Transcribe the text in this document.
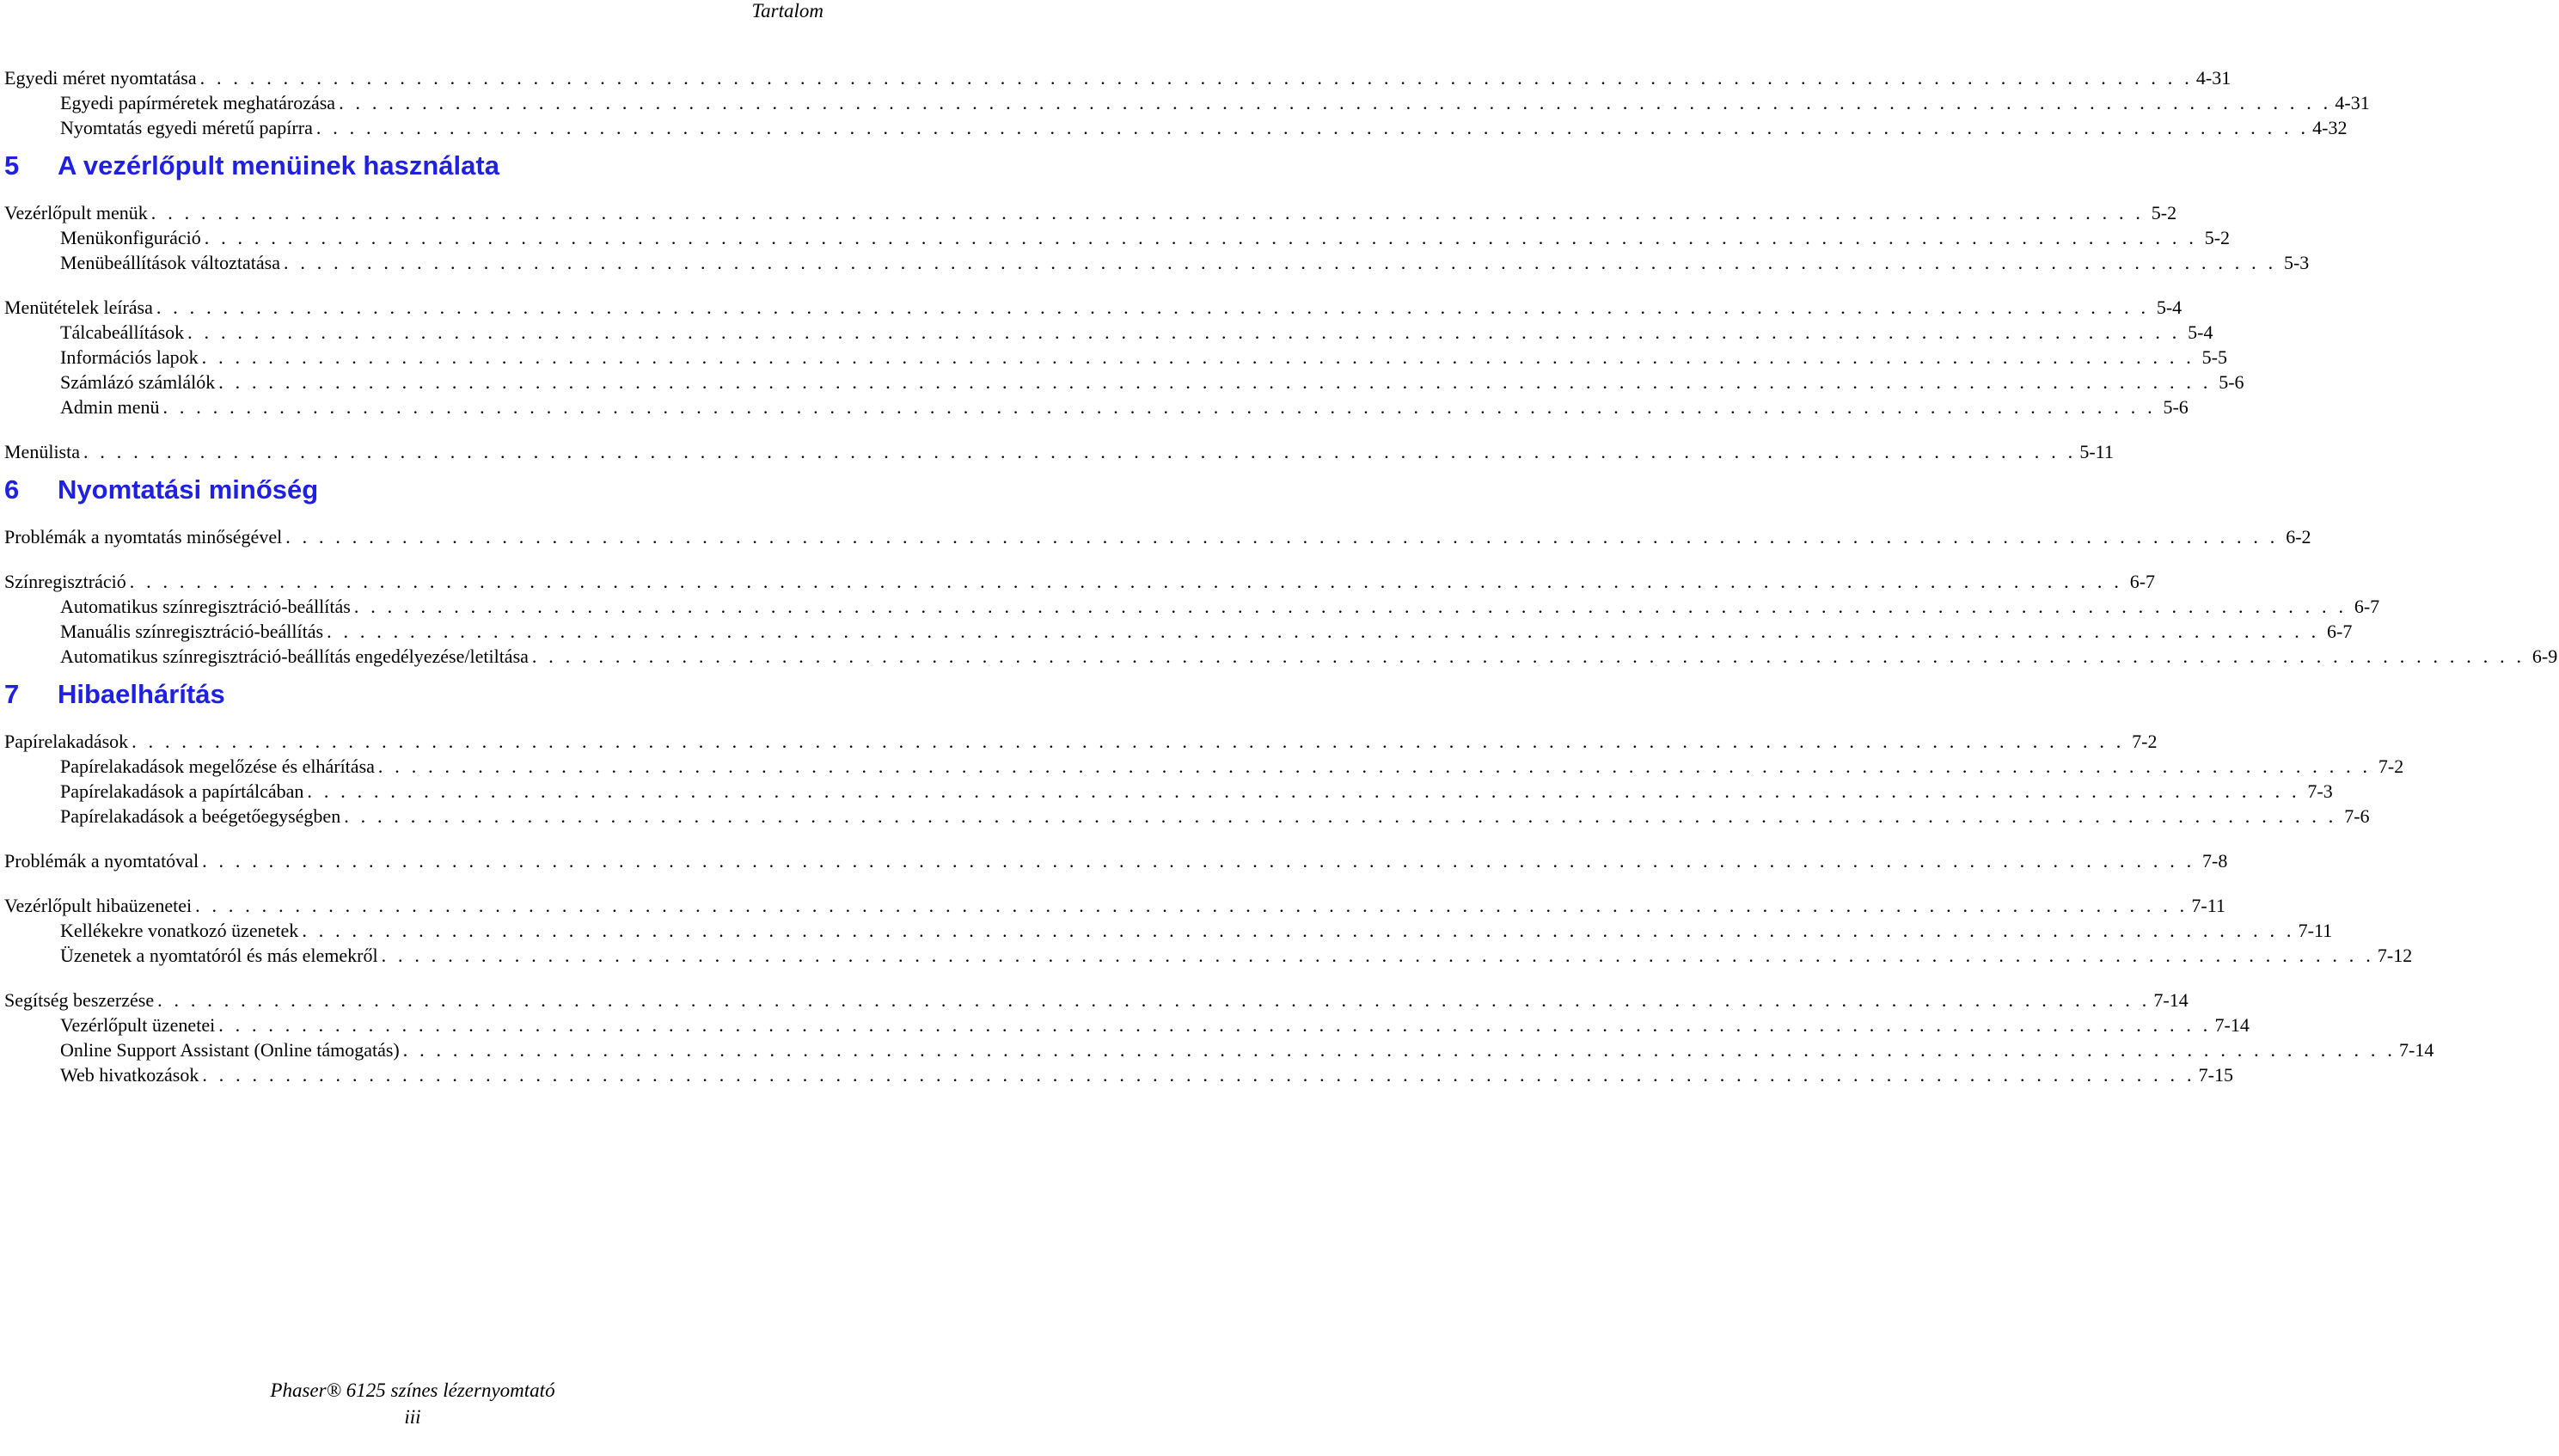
Tartalom
Egyedi méret nyomtatása . . . . . . . . . . . . . . . . . . . . . . . . . . . . . . . . . . . . . . . . . . . . . . . . . . . . . . . . . . . . . . . . . . . . . . . . . . . . . . . . . . . . . . . . . . . . . . . . . . . . . . . . . . . . . . . . . . . . . . . . 4-31
Egyedi papírméretek meghatározása . . . . . . . . . . . . . . . . . . . . . . . . . . . . . . . . . . . . . . . . . . . . . . . . . . . . . . . . . . . . . . . . . . . . . . . . . . . . . . . . . . . . . . . . . . . . . . . . . . . . . . . . . . . . . . . . . . . . . . . . 4-31
Nyomtatás egyedi méretű papírra . . . . . . . . . . . . . . . . . . . . . . . . . . . . . . . . . . . . . . . . . . . . . . . . . . . . . . . . . . . . . . . . . . . . . . . . . . . . . . . . . . . . . . . . . . . . . . . . . . . . . . . . . . . . . . . . . . . . . . . . 4-32
5	A vezérlőpult menüinek használata
Vezérlőpult menük . . . . . . . . . . . . . . . . . . . . . . . . . . . . . . . . . . . . . . . . . . . . . . . . . . . . . . . . . . . . . . . . . . . . . . . . . . . . . . . . . . . . . . . . . . . . . . . . . . . . . . . . . . . . . . . . . . . . . . . . 5-2
Menükonfiguráció . . . . . . . . . . . . . . . . . . . . . . . . . . . . . . . . . . . . . . . . . . . . . . . . . . . . . . . . . . . . . . . . . . . . . . . . . . . . . . . . . . . . . . . . . . . . . . . . . . . . . . . . . . . . . . . . . . . . . . . . 5-2
Menübeállítások változtatása . . . . . . . . . . . . . . . . . . . . . . . . . . . . . . . . . . . . . . . . . . . . . . . . . . . . . . . . . . . . . . . . . . . . . . . . . . . . . . . . . . . . . . . . . . . . . . . . . . . . . . . . . . . . . . . . . . . . . . . . 5-3
Menütételek leírása . . . . . . . . . . . . . . . . . . . . . . . . . . . . . . . . . . . . . . . . . . . . . . . . . . . . . . . . . . . . . . . . . . . . . . . . . . . . . . . . . . . . . . . . . . . . . . . . . . . . . . . . . . . . . . . . . . . . . . . . 5-4
Tálcabeállítások . . . . . . . . . . . . . . . . . . . . . . . . . . . . . . . . . . . . . . . . . . . . . . . . . . . . . . . . . . . . . . . . . . . . . . . . . . . . . . . . . . . . . . . . . . . . . . . . . . . . . . . . . . . . . . . . . . . . . . . . 5-4
Információs lapok . . . . . . . . . . . . . . . . . . . . . . . . . . . . . . . . . . . . . . . . . . . . . . . . . . . . . . . . . . . . . . . . . . . . . . . . . . . . . . . . . . . . . . . . . . . . . . . . . . . . . . . . . . . . . . . . . . . . . . . . 5-5
Számlázó számlálók . . . . . . . . . . . . . . . . . . . . . . . . . . . . . . . . . . . . . . . . . . . . . . . . . . . . . . . . . . . . . . . . . . . . . . . . . . . . . . . . . . . . . . . . . . . . . . . . . . . . . . . . . . . . . . . . . . . . . . . . 5-6
Admin menü . . . . . . . . . . . . . . . . . . . . . . . . . . . . . . . . . . . . . . . . . . . . . . . . . . . . . . . . . . . . . . . . . . . . . . . . . . . . . . . . . . . . . . . . . . . . . . . . . . . . . . . . . . . . . . . . . . . . . . . . 5-6
Menülista . . . . . . . . . . . . . . . . . . . . . . . . . . . . . . . . . . . . . . . . . . . . . . . . . . . . . . . . . . . . . . . . . . . . . . . . . . . . . . . . . . . . . . . . . . . . . . . . . . . . . . . . . . . . . . . . . . . . . . . . 5-11
6	Nyomtatási minőség
Problémák a nyomtatás minőségével . . . . . . . . . . . . . . . . . . . . . . . . . . . . . . . . . . . . . . . . . . . . . . . . . . . . . . . . . . . . . . . . . . . . . . . . . . . . . . . . . . . . . . . . . . . . . . . . . . . . . . . . . . . . . . . . . . . . . . . . 6-2
Színregisztráció . . . . . . . . . . . . . . . . . . . . . . . . . . . . . . . . . . . . . . . . . . . . . . . . . . . . . . . . . . . . . . . . . . . . . . . . . . . . . . . . . . . . . . . . . . . . . . . . . . . . . . . . . . . . . . . . . . . . . . . . 6-7
Automatikus színregisztráció-beállítás . . . . . . . . . . . . . . . . . . . . . . . . . . . . . . . . . . . . . . . . . . . . . . . . . . . . . . . . . . . . . . . . . . . . . . . . . . . . . . . . . . . . . . . . . . . . . . . . . . . . . . . . . . . . . . . . . . . . . . . . 6-7
Manuális színregisztráció-beállítás . . . . . . . . . . . . . . . . . . . . . . . . . . . . . . . . . . . . . . . . . . . . . . . . . . . . . . . . . . . . . . . . . . . . . . . . . . . . . . . . . . . . . . . . . . . . . . . . . . . . . . . . . . . . . . . . . . . . . . . . 6-7
Automatikus színregisztráció-beállítás engedélyezése/letiltása . . . . . . . . . . . . . . . . . . . . . . . . . . . . . . . . . . . . . . . . . . . . . . . . . . . . . . . . . . . . . . . . . . . . . . . . . . . . . . . . . . . . . . . . . . . . . . . . . . . . . . . . . . . . . . . . . . . . . . . . 6-9
7	Hibaelhárítás
Papírelakadások . . . . . . . . . . . . . . . . . . . . . . . . . . . . . . . . . . . . . . . . . . . . . . . . . . . . . . . . . . . . . . . . . . . . . . . . . . . . . . . . . . . . . . . . . . . . . . . . . . . . . . . . . . . . . . . . . . . . . . . . 7-2
Papírelakadások megelőzése és elhárítása . . . . . . . . . . . . . . . . . . . . . . . . . . . . . . . . . . . . . . . . . . . . . . . . . . . . . . . . . . . . . . . . . . . . . . . . . . . . . . . . . . . . . . . . . . . . . . . . . . . . . . . . . . . . . . . . . . . . . . . . 7-2
Papírelakadások a papírtálcában . . . . . . . . . . . . . . . . . . . . . . . . . . . . . . . . . . . . . . . . . . . . . . . . . . . . . . . . . . . . . . . . . . . . . . . . . . . . . . . . . . . . . . . . . . . . . . . . . . . . . . . . . . . . . . . . . . . . . . . . 7-3
Papírelakadások a beégetőegységben . . . . . . . . . . . . . . . . . . . . . . . . . . . . . . . . . . . . . . . . . . . . . . . . . . . . . . . . . . . . . . . . . . . . . . . . . . . . . . . . . . . . . . . . . . . . . . . . . . . . . . . . . . . . . . . . . . . . . . . . 7-6
Problémák a nyomtatóval . . . . . . . . . . . . . . . . . . . . . . . . . . . . . . . . . . . . . . . . . . . . . . . . . . . . . . . . . . . . . . . . . . . . . . . . . . . . . . . . . . . . . . . . . . . . . . . . . . . . . . . . . . . . . . . . . . . . . . . . 7-8
Vezérlőpult hibaüzenetei . . . . . . . . . . . . . . . . . . . . . . . . . . . . . . . . . . . . . . . . . . . . . . . . . . . . . . . . . . . . . . . . . . . . . . . . . . . . . . . . . . . . . . . . . . . . . . . . . . . . . . . . . . . . . . . . . . . . . . . . 7-11
Kellékekre vonatkozó üzenetek . . . . . . . . . . . . . . . . . . . . . . . . . . . . . . . . . . . . . . . . . . . . . . . . . . . . . . . . . . . . . . . . . . . . . . . . . . . . . . . . . . . . . . . . . . . . . . . . . . . . . . . . . . . . . . . . . . . . . . . . 7-11
Üzenetek a nyomtatóról és más elemekről . . . . . . . . . . . . . . . . . . . . . . . . . . . . . . . . . . . . . . . . . . . . . . . . . . . . . . . . . . . . . . . . . . . . . . . . . . . . . . . . . . . . . . . . . . . . . . . . . . . . . . . . . . . . . . . . . . . . . . . . 7-12
Segítség beszerzése . . . . . . . . . . . . . . . . . . . . . . . . . . . . . . . . . . . . . . . . . . . . . . . . . . . . . . . . . . . . . . . . . . . . . . . . . . . . . . . . . . . . . . . . . . . . . . . . . . . . . . . . . . . . . . . . . . . . . . . . 7-14
Vezérlőpult üzenetei . . . . . . . . . . . . . . . . . . . . . . . . . . . . . . . . . . . . . . . . . . . . . . . . . . . . . . . . . . . . . . . . . . . . . . . . . . . . . . . . . . . . . . . . . . . . . . . . . . . . . . . . . . . . . . . . . . . . . . . . 7-14
Online Support Assistant (Online támogatás) . . . . . . . . . . . . . . . . . . . . . . . . . . . . . . . . . . . . . . . . . . . . . . . . . . . . . . . . . . . . . . . . . . . . . . . . . . . . . . . . . . . . . . . . . . . . . . . . . . . . . . . . . . . . . . . . . . . . . . . . 7-14
Web hivatkozások . . . . . . . . . . . . . . . . . . . . . . . . . . . . . . . . . . . . . . . . . . . . . . . . . . . . . . . . . . . . . . . . . . . . . . . . . . . . . . . . . . . . . . . . . . . . . . . . . . . . . . . . . . . . . . . . . . . . . . . . 7-15
Phaser® 6125 színes lézernyomtató
iii
